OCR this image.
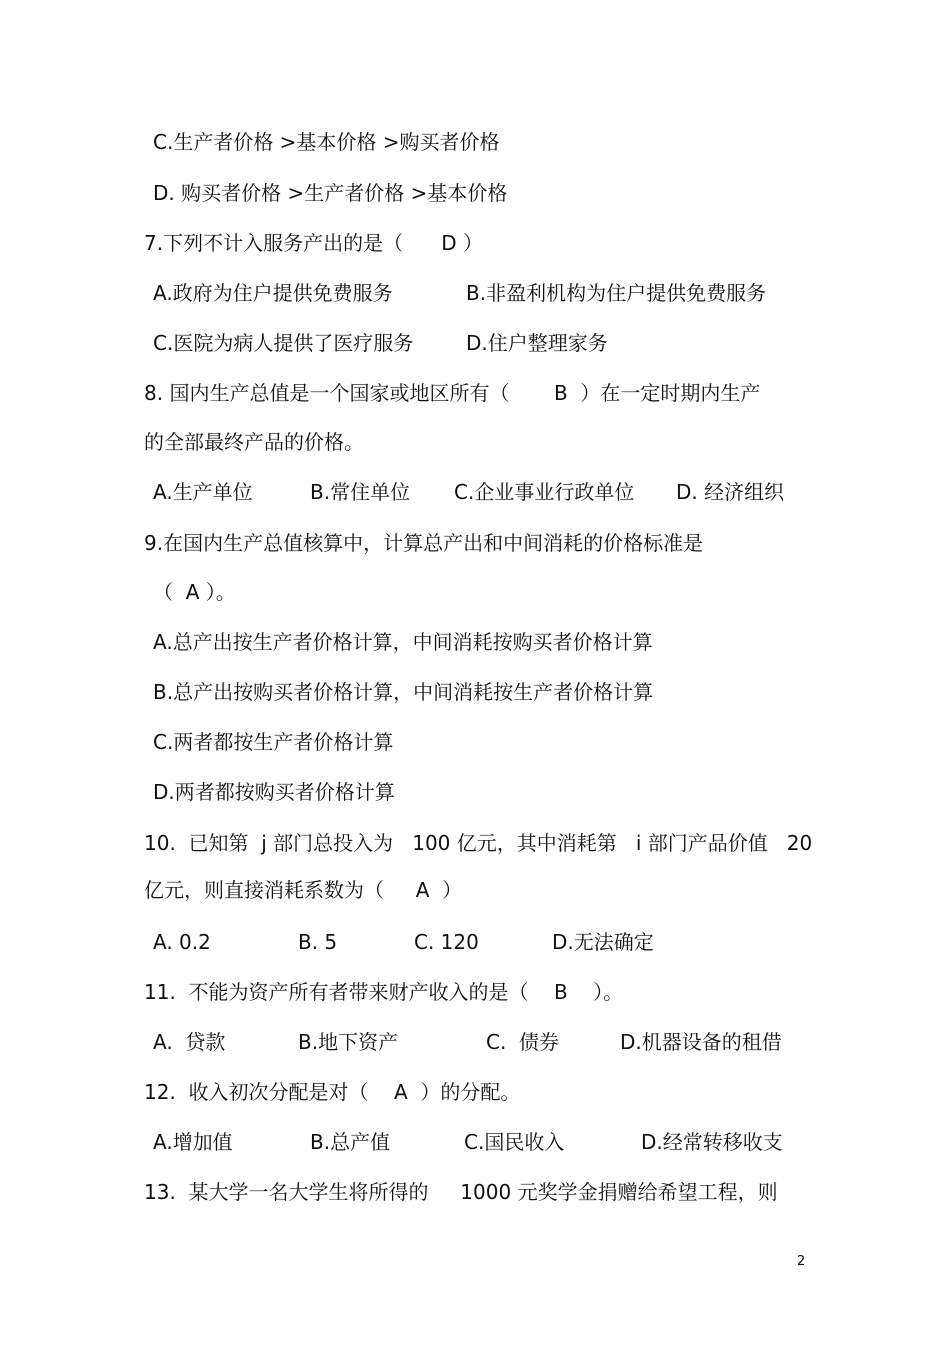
C.生产者价格 >基本价格 >购买者价格
D. 购买者价格 >生产者价格 >基本价格
7.下列不计入服务产出的是（      D ）
A.政府为住户提供免费服务	B.非盈利机构为住户提供免费服务
C.医院为病人提供了医疗服务	D.住户整理家务
8. 国内生产总值是一个国家或地区所有（       B  ）在一定时期内生产
的全部最终产品的价格。
A.生产单位	B.常住单位 C.企业事业行政单位 D. 经济组织
9.在国内生产总值核算中，计算总产出和中间消耗的价格标准是
（  A ）。
A.总产出按生产者价格计算，中间消耗按购买者价格计算
B.总产出按购买者价格计算，中间消耗按生产者价格计算
C.两者都按生产者价格计算
D.两者都按购买者价格计算
10.  已知第  j 部门总投入为   100 亿元，其中消耗第   i 部门产品价值   20
亿元，则直接消耗系数为（     A  ）
A. 0.2	B. 5	C. 120	D.无法确定
11.  不能为资产所有者带来财产收入的是（    B    ）。
A.  贷款	B.地下资产	C.  债券	D.机器设备的租借
12.  收入初次分配是对（    A  ）的分配。
A.增加值	B.总产值	C.国民收入	D.经常转移收支
13.  某大学一名大学生将所得的     1000 元奖学金捐赠给希望工程，则
2
